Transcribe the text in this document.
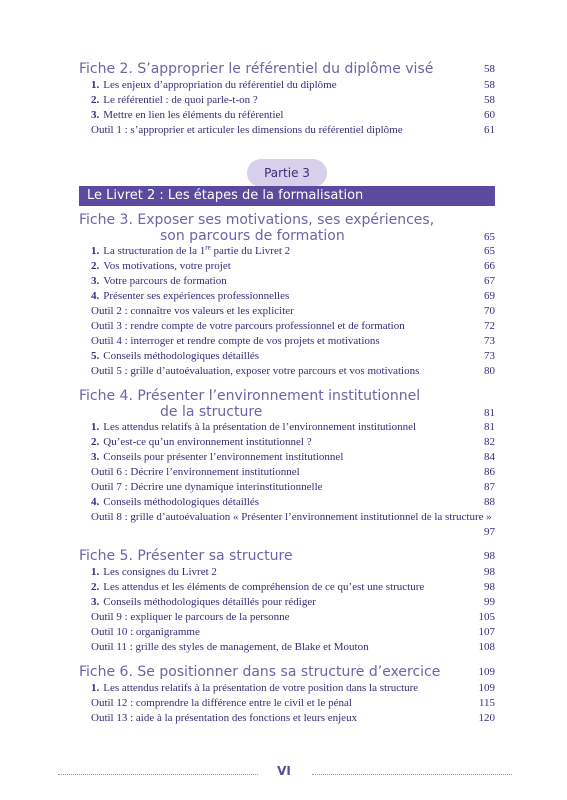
Partie 3
Le Livret 2 : Les étapes de la formalisation
VI
Fiche 2. S’approprier le référentiel du diplôme visé	58
1. Les enjeux d’appropriation du référentiel du diplôme	58
2. Le référentiel : de quoi parle-t-on ?	58
3. Mettre en lien les éléments du référentiel	60
Outil 1 : s’approprier et articuler les dimensions du référentiel diplôme	61
Fiche 3. Exposer ses motivations, ses expériences,
son parcours de formation	65
1. La structuration de la 1re partie du Livret 2	65
2. Vos motivations, votre projet	66
3. Votre parcours de formation	67
4. Présenter ses expériences professionnelles	69
Outil 2 : connaître vos valeurs et les expliciter	70
Outil 3 : rendre compte de votre parcours professionnel et de formation	72
Outil 4 : interroger et rendre compte de vos projets et motivations	73
5. Conseils méthodologiques détaillés	73
Outil 5 : grille d’autoévaluation, exposer votre parcours et vos motivations	80
Fiche 4. Présenter l’environnement institutionnel
de la structure	81
1. Les attendus relatifs à la présentation de l’environnement institutionnel	81
2. Qu’est-ce qu’un environnement institutionnel ?	82
3. Conseils pour présenter l’environnement institutionnel	84
Outil 6 : Décrire l’environnement institutionnel	86
Outil 7 : Décrire une dynamique interinstitutionnelle	87
4. Conseils méthodologiques détaillés	88
Outil 8 : grille d’autoévaluation « Présenter l’environnement institutionnel de la structure »
97
Fiche 5. Présenter sa structure	98
1. Les consignes du Livret 2	98
2. Les attendus et les éléments de compréhension de ce qu’est une structure	98
3. Conseils méthodologiques détaillés pour rédiger	99
Outil 9 : expliquer le parcours de la personne	105
Outil 10 : organigramme	107
Outil 11 : grille des styles de management, de Blake et Mouton	108
Fiche 6. Se positionner dans sa structure d’exercice	109
1. Les attendus relatifs à la présentation de votre position dans la structure	109
Outil 12 : comprendre la différence entre le civil et le pénal	115
Outil 13 : aide à la présentation des fonctions et leurs enjeux	120
